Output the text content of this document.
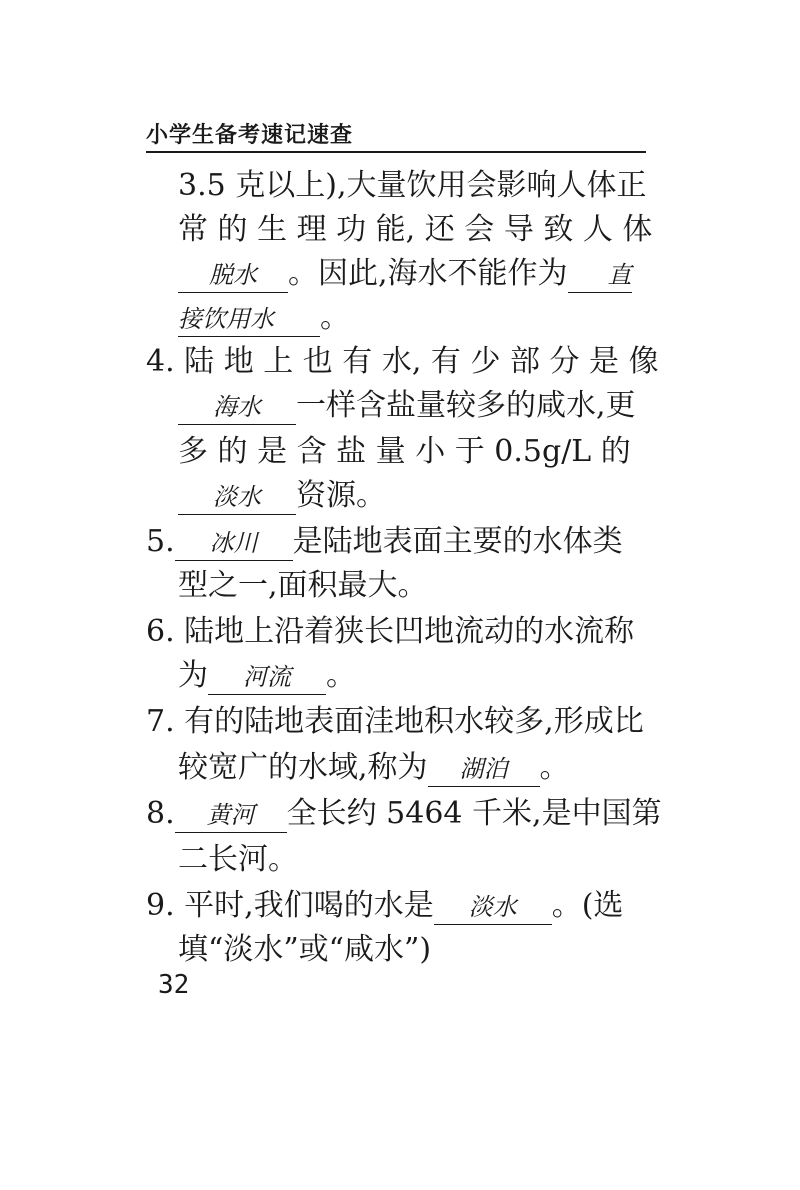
小学生备考速记速查
3.5 克以上),大量饮用会影响人体正
常 的 生 理 功 能, 还 会 导 致 人 体
脱水 。因此,海水不能作为 直
接饮用水 。
4. 陆 地 上 也 有 水, 有 少 部 分 是 像
海水 一样含盐量较多的咸水,更
多 的 是 含 盐 量 小 于 0.5g/L 的
淡水 资源。
5. 冰川 是陆地表面主要的水体类
型之一,面积最大。
6. 陆地上沿着狭长凹地流动的水流称
为 河流 。
7. 有的陆地表面洼地积水较多,形成比
较宽广的水域,称为 湖泊 。
8. 黄河 全长约 5464 千米,是中国第
二长河。
9. 平时,我们喝的水是 淡水 。(选
填“淡水”或“咸水”)
32
